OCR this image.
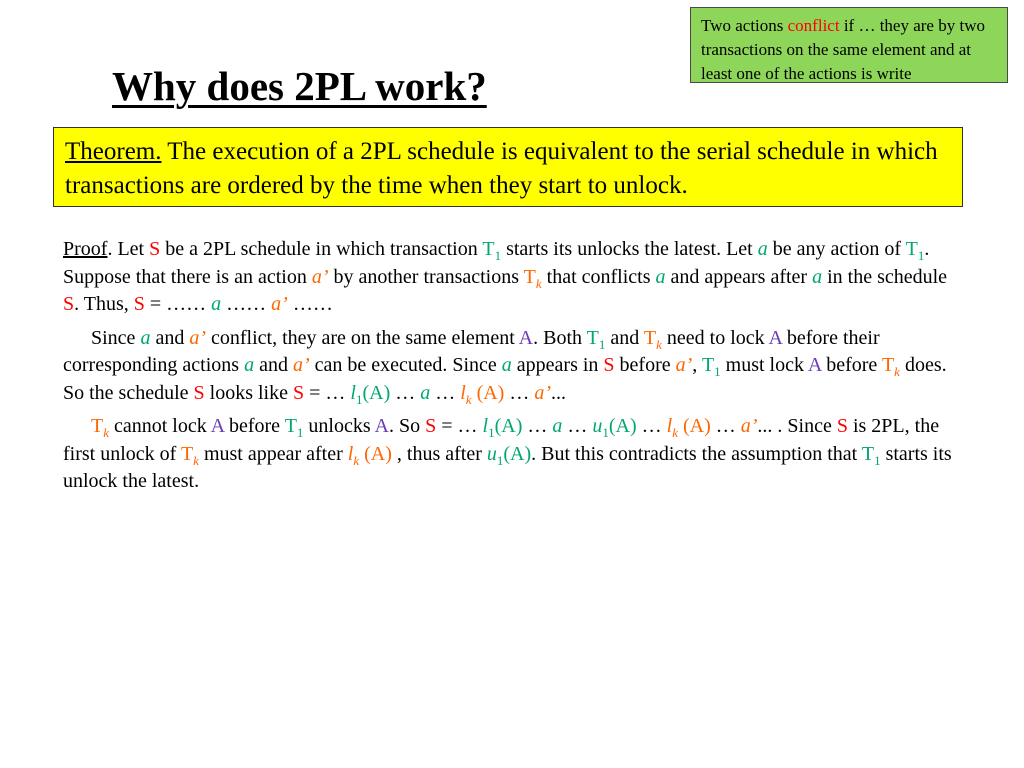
Two actions conflict if … they are by two transactions on the same element and at least one of the actions is write
Why does 2PL work?
Theorem. The execution of a 2PL schedule is equivalent to the serial schedule in which transactions are ordered by the time when they start to unlock.

Proof. Let S be a 2PL schedule in which transaction $T_1$ starts its unlocks the latest. Let a be any action of $T_1$. Suppose that there is an action a’ by another transactions $T_k$ that conflicts a and appears after a in the schedule S. Thus, S = …… a …… a’ ……

Since a and a’ conflict, they are on the same element A. Both $T_1$ and $T_k$ need to lock A before their corresponding actions a and a’ can be executed. Since a appears in S before a’, $T_1$ must lock A before $T_k$ does. So the schedule S looks like S = … $l_1(A)$ … a … $l_k$ (A) … a’...

$T_k$ cannot lock A before $T_1$ unlocks A. So S = … $l_1(A)$ … a … $u_1(A)$ … $l_k$ (A) … a’... . Since S is 2PL, the first unlock of $T_k$ must appear after $l_k$ (A) , thus after $u_1(A)$. But this contradicts the assumption that $T_1$ starts its unlock the latest.
